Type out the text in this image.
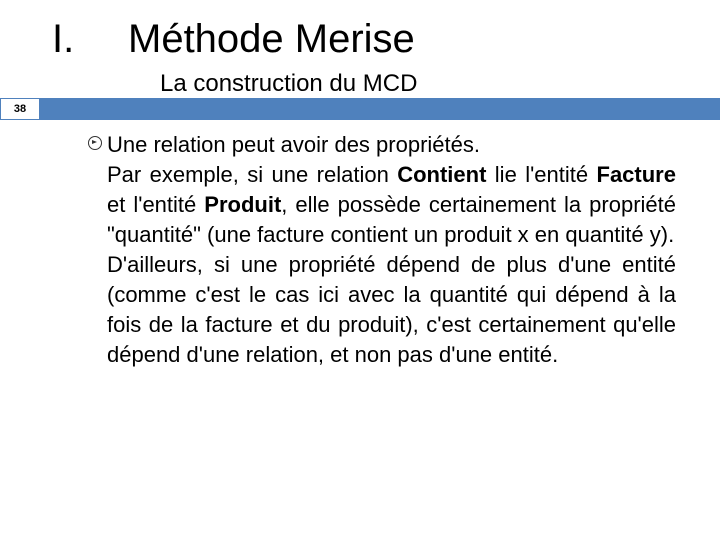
I. Méthode Merise
La construction du MCD
38

Une relation peut avoir des propriétés.

Par exemple, si une relation Contient lie l'entité Facture et l'entité Produit, elle possède certainement la propriété "quantité" (une facture contient un produit x en quantité y).

D'ailleurs, si une propriété dépend de plus d'une entité (comme c'est le cas ici avec la quantité qui dépend à la fois de la facture et du produit), c'est certainement qu'elle dépend d'une relation, et non pas d'une entité.
